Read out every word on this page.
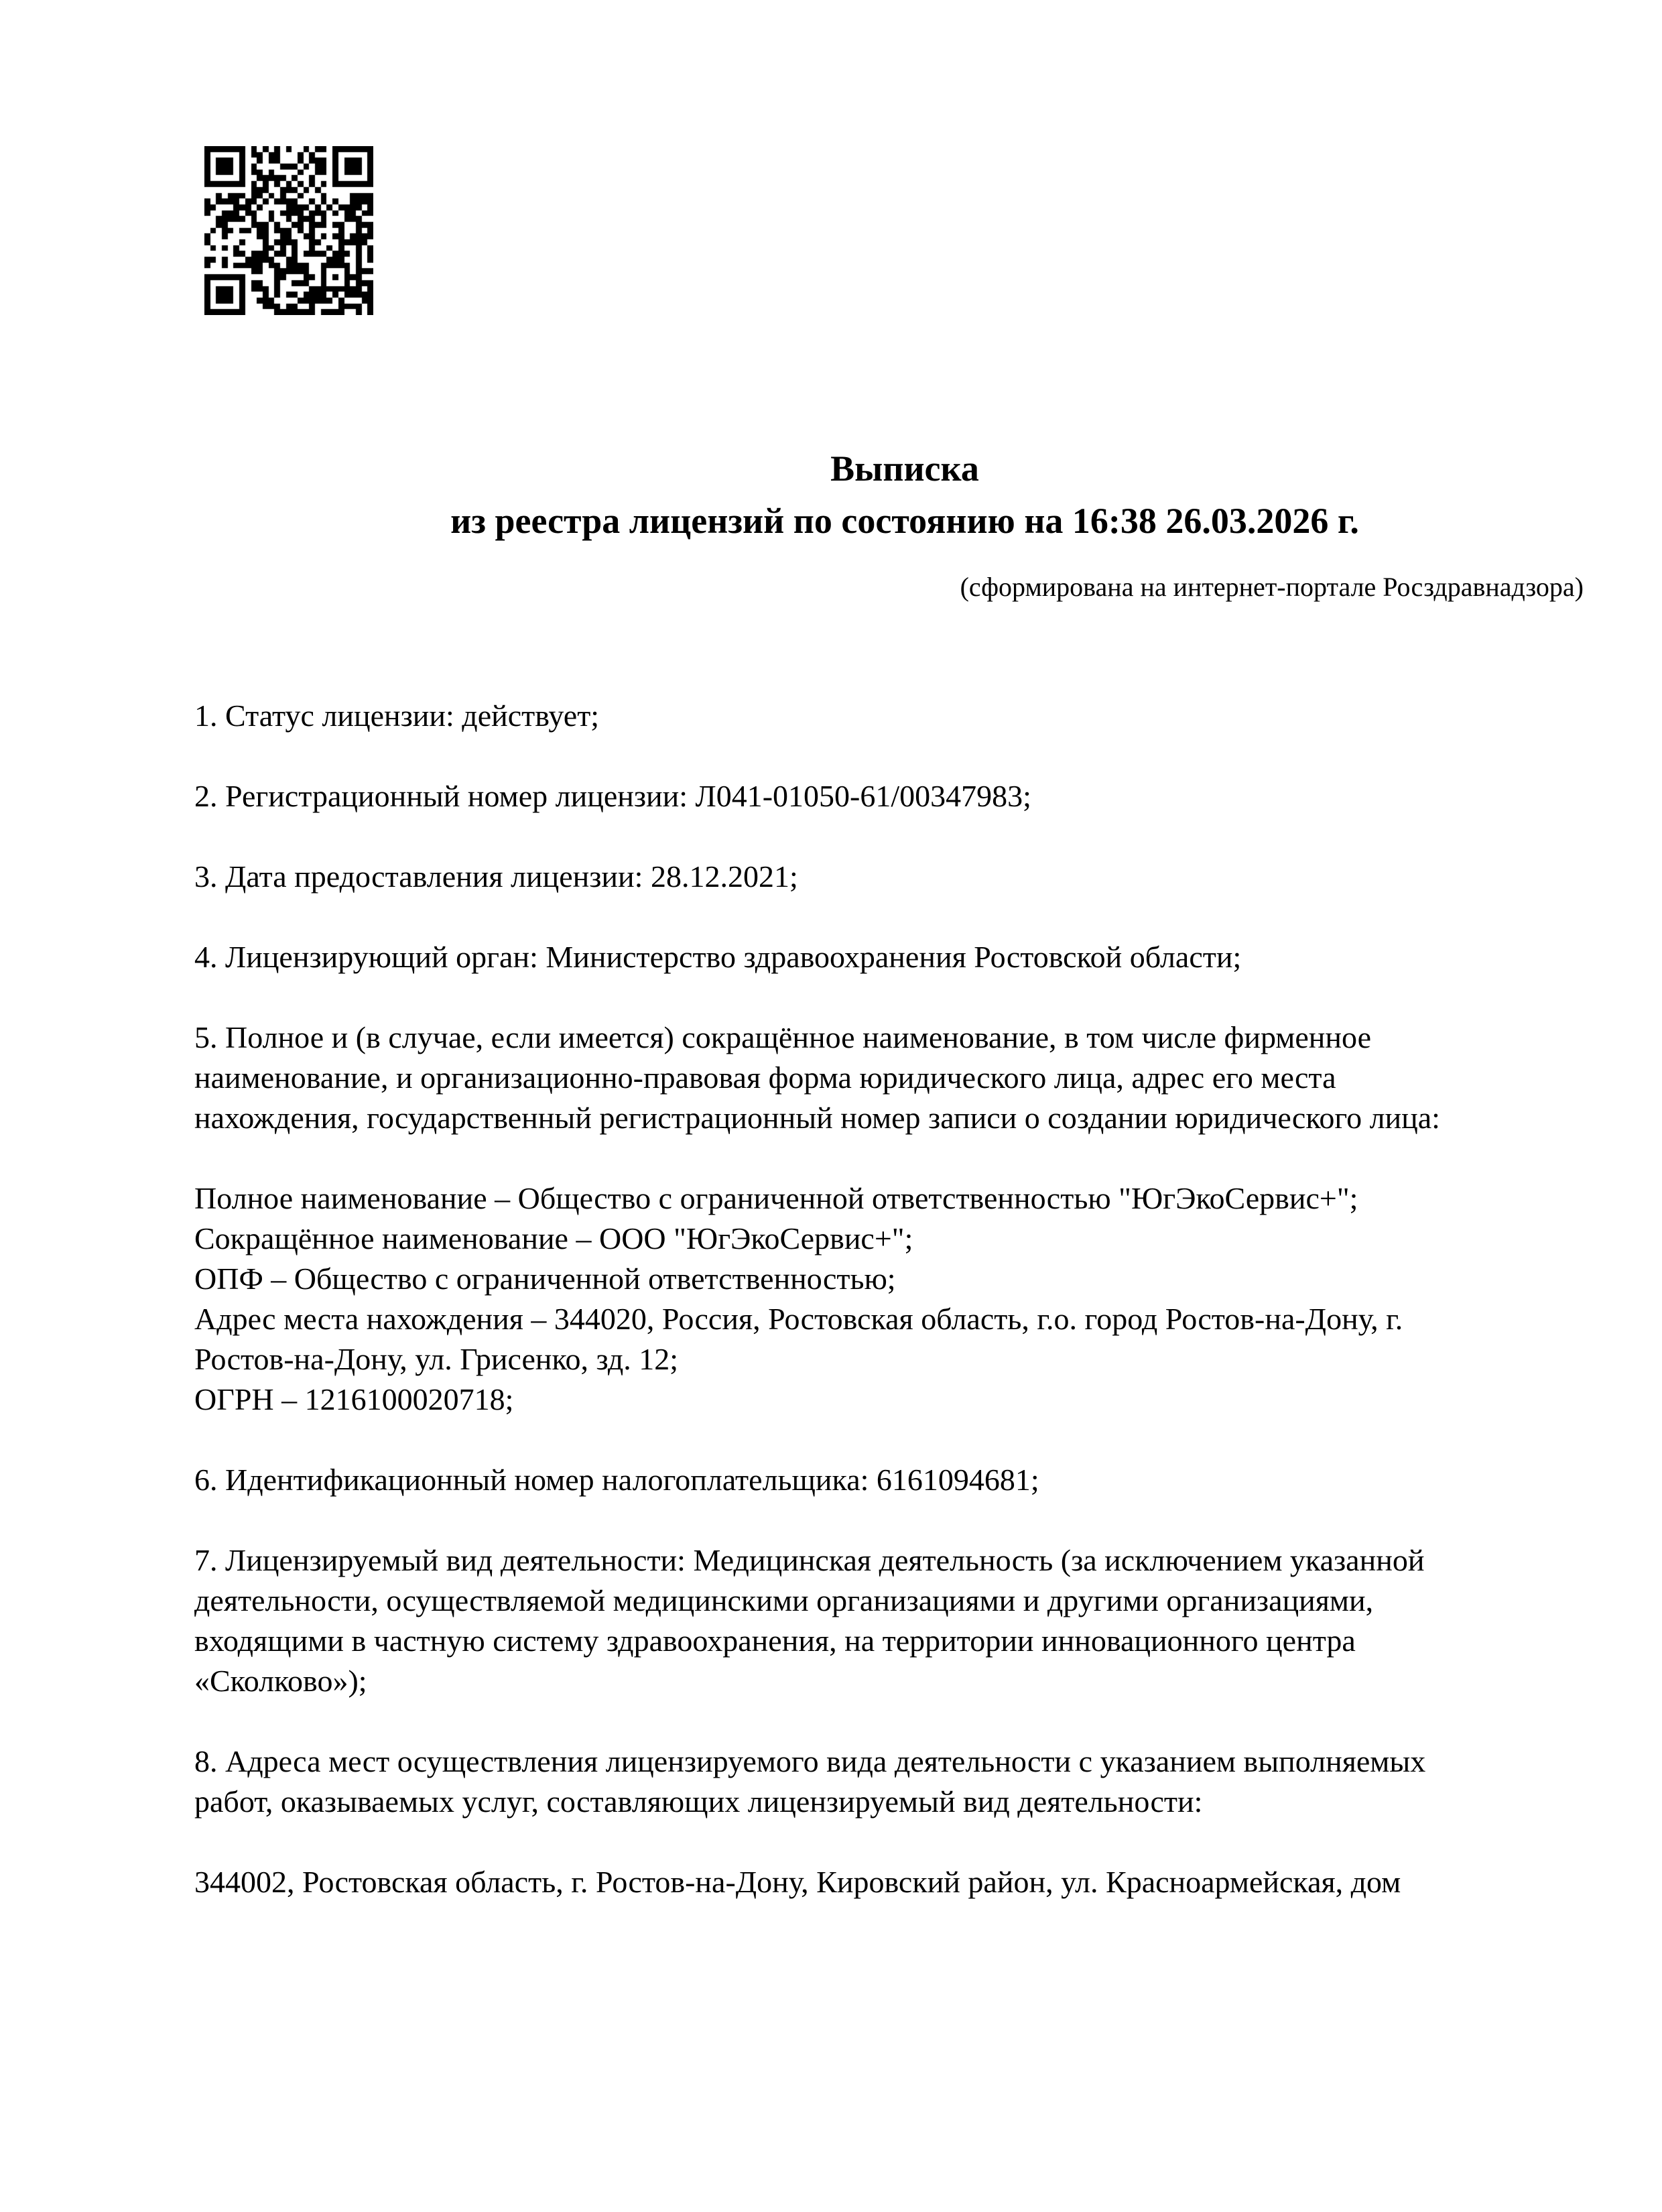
Выписка
из реестра лицензий по состоянию на 16:38 26.03.2026 г.
(сформирована на интернет-портале Росздравнадзора)
1. Статус лицензии: действует;
2. Регистрационный номер лицензии: Л041-01050-61/00347983;
3. Дата предоставления лицензии: 28.12.2021;
4. Лицензирующий орган: Министерство здравоохранения Ростовской области;
5. Полное и (в случае, если имеется) сокращённое наименование, в том числе фирменное
наименование, и организационно-правовая форма юридического лица, адрес его места
нахождения, государственный регистрационный номер записи о создании юридического лица:
Полное наименование – Общество с ограниченной ответственностью "ЮгЭкоСервис+";
Сокращённое наименование – ООО "ЮгЭкоСервис+";
ОПФ – Общество с ограниченной ответственностью;
Адрес места нахождения – 344020, Россия, Ростовская область, г.о. город Ростов-на-Дону, г.
Ростов-на-Дону, ул. Грисенко, зд. 12;
ОГРН – 1216100020718;
6. Идентификационный номер налогоплательщика: 6161094681;
7. Лицензируемый вид деятельности: Медицинская деятельность (за исключением указанной
деятельности, осуществляемой медицинскими организациями и другими организациями,
входящими в частную систему здравоохранения, на территории инновационного центра
«Сколково»);
8. Адреса мест осуществления лицензируемого вида деятельности с указанием выполняемых
работ, оказываемых услуг, составляющих лицензируемый вид деятельности:
344002, Ростовская область, г. Ростов-на-Дону, Кировский район, ул. Красноармейская, дом
